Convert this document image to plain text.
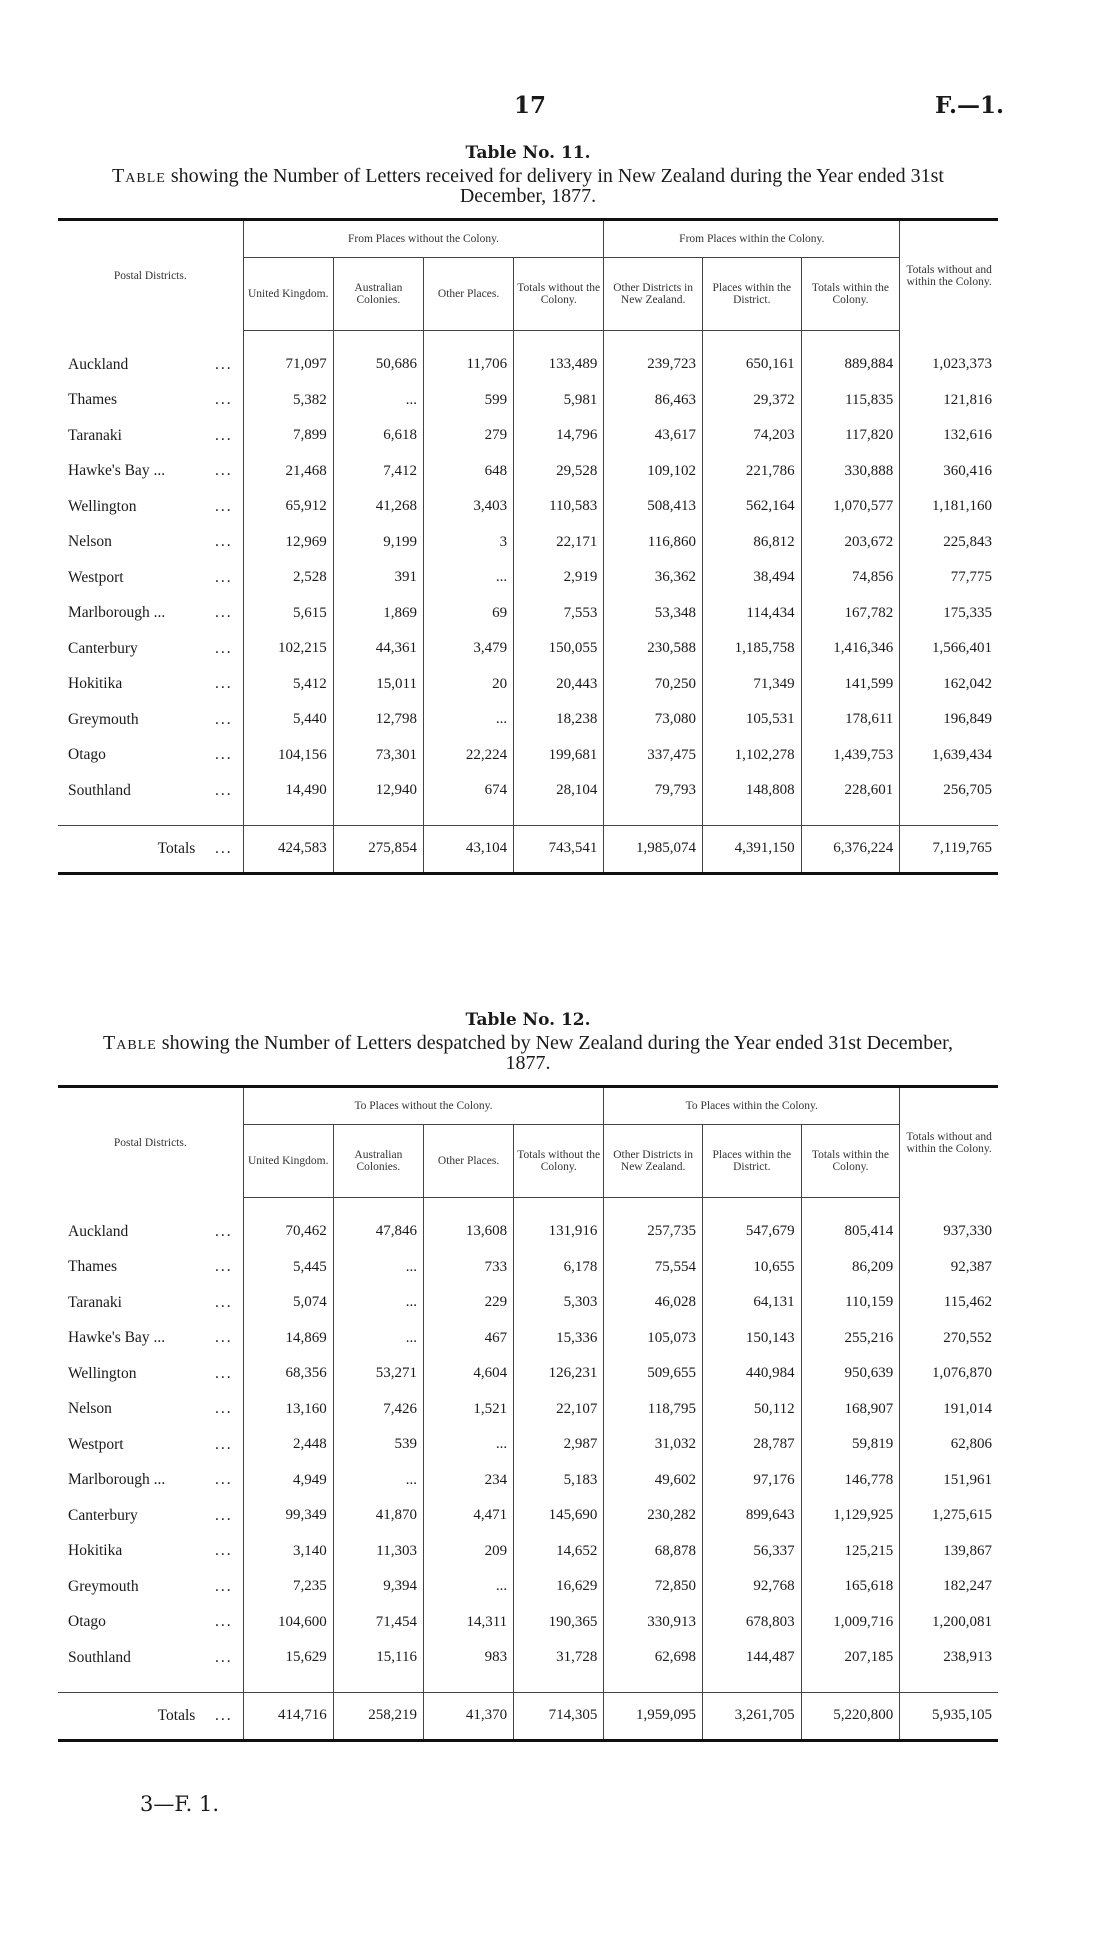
17	F.—1.
Table No. 11.
Table showing the Number of Letters received for delivery in New Zealand during the Year ended 31st December, 1877.
Postal Districts.	From Places without the Colony.				From Places within the Colony.			Totals without and within the Colony.
	United Kingdom.	Australian Colonies.	Other Places.	Totals without the Colony.	Other Districts in New Zealand.	Places within the District.	Totals within the Colony.	

Auckland ...	71,097	50,686	11,706	133,489	239,723	650,161	889,884	1,023,373
Thames ...	5,382	...	599	5,981	86,463	29,372	115,835	121,816
Taranaki ...	7,899	6,618	279	14,796	43,617	74,203	117,820	132,616
Hawke's Bay ... ...	21,468	7,412	648	29,528	109,102	221,786	330,888	360,416
Wellington ...	65,912	41,268	3,403	110,583	508,413	562,164	1,070,577	1,181,160
Nelson ...	12,969	9,199	3	22,171	116,860	86,812	203,672	225,843
Westport ...	2,528	391	...	2,919	36,362	38,494	74,856	77,775
Marlborough ... ...	5,615	1,869	69	7,553	53,348	114,434	167,782	175,335
Canterbury ...	102,215	44,361	3,479	150,055	230,588	1,185,758	1,416,346	1,566,401
Hokitika ...	5,412	15,011	20	20,443	70,250	71,349	141,599	162,042
Greymouth ...	5,440	12,798	...	18,238	73,080	105,531	178,611	196,849
Otago ...	104,156	73,301	22,224	199,681	337,475	1,102,278	1,439,753	1,639,434
Southland ...	14,490	12,940	674	28,104	79,793	148,808	228,601	256,705

Totals ...	424,583	275,854	43,104	743,541	1,985,074	4,391,150	6,376,224	7,119,765
Table No. 12.
Table showing the Number of Letters despatched by New Zealand during the Year ended 31st December, 1877.
Postal Districts.	To Places without the Colony.				To Places within the Colony.			Totals without and within the Colony.
	United Kingdom.	Australian Colonies.	Other Places.	Totals without the Colony.	Other Districts in New Zealand.	Places within the District.	Totals within the Colony.	

Auckland ...	70,462	47,846	13,608	131,916	257,735	547,679	805,414	937,330
Thames ...	5,445	...	733	6,178	75,554	10,655	86,209	92,387
Taranaki ...	5,074	...	229	5,303	46,028	64,131	110,159	115,462
Hawke's Bay ... ...	14,869	...	467	15,336	105,073	150,143	255,216	270,552
Wellington ...	68,356	53,271	4,604	126,231	509,655	440,984	950,639	1,076,870
Nelson ...	13,160	7,426	1,521	22,107	118,795	50,112	168,907	191,014
Westport ...	2,448	539	...	2,987	31,032	28,787	59,819	62,806
Marlborough ... ...	4,949	...	234	5,183	49,602	97,176	146,778	151,961
Canterbury ...	99,349	41,870	4,471	145,690	230,282	899,643	1,129,925	1,275,615
Hokitika ...	3,140	11,303	209	14,652	68,878	56,337	125,215	139,867
Greymouth ...	7,235	9,394	...	16,629	72,850	92,768	165,618	182,247
Otago ...	104,600	71,454	14,311	190,365	330,913	678,803	1,009,716	1,200,081
Southland ...	15,629	15,116	983	31,728	62,698	144,487	207,185	238,913

Totals ...	414,716	258,219	41,370	714,305	1,959,095	3,261,705	5,220,800	5,935,105
3—F. 1.
